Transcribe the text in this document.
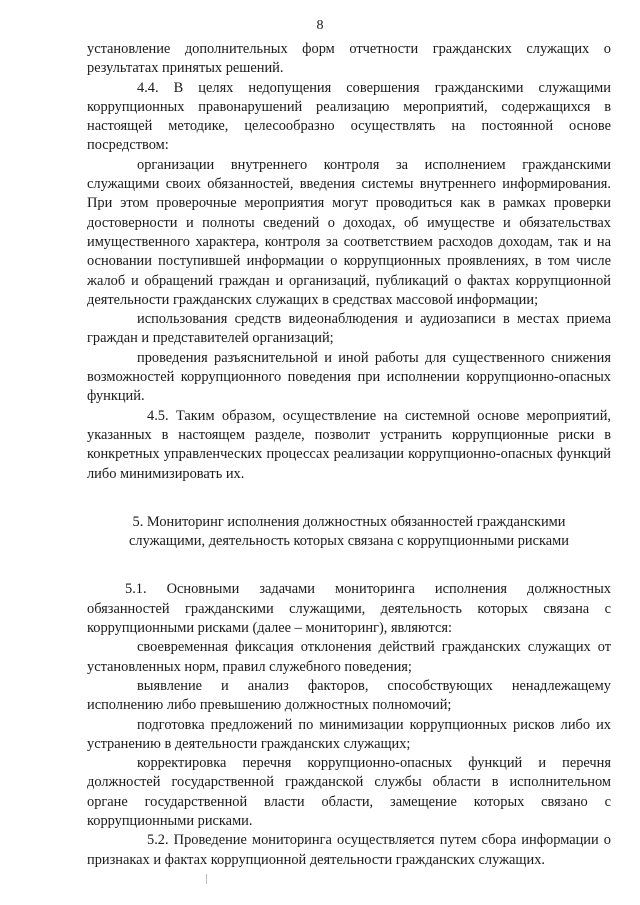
8

установление дополнительных форм отчетности гражданских служащих о результатах принятых решений.

4.4. В целях недопущения совершения гражданскими служащими коррупционных правонарушений реализацию мероприятий, содержащихся в настоящей методике, целесообразно осуществлять на постоянной основе посредством:

организации внутреннего контроля за исполнением гражданскими служащими своих обязанностей, введения системы внутреннего информирования. При этом проверочные мероприятия могут проводиться как в рамках проверки достоверности и полноты сведений о доходах, об имуществе и обязательствах имущественного характера, контроля за соответствием расходов доходам, так и на основании поступившей информации о коррупционных проявлениях, в том числе жалоб и обращений граждан и организаций, публикаций о фактах коррупционной деятельности гражданских служащих в средствах массовой информации;

использования средств видеонаблюдения и аудиозаписи в местах приема граждан и представителей организаций;

проведения разъяснительной и иной работы для существенного снижения возможностей коррупционного поведения при исполнении коррупционно-опасных функций.

4.5. Таким образом, осуществление на системной основе мероприятий, указанных в настоящем разделе, позволит устранить коррупционные риски в конкретных управленческих процессах реализации коррупционно-опасных функций либо минимизировать их.

5. Мониторинг исполнения должностных обязанностей гражданскими
служащими, деятельность которых связана с коррупционными рисками

5.1. Основными задачами мониторинга исполнения должностных обязанностей гражданскими служащими, деятельность которых связана с коррупционными рисками (далее – мониторинг), являются:

своевременная фиксация отклонения действий гражданских служащих от установленных норм, правил служебного поведения;

выявление и анализ факторов, способствующих ненадлежащему исполнению либо превышению должностных полномочий;

подготовка предложений по минимизации коррупционных рисков либо их устранению в деятельности гражданских служащих;

корректировка перечня коррупционно-опасных функций и перечня должностей государственной гражданской службы области в исполнительном органе государственной власти области, замещение которых связано с коррупционными рисками.

5.2. Проведение мониторинга осуществляется путем сбора информации о признаках и фактах коррупционной деятельности гражданских служащих.
